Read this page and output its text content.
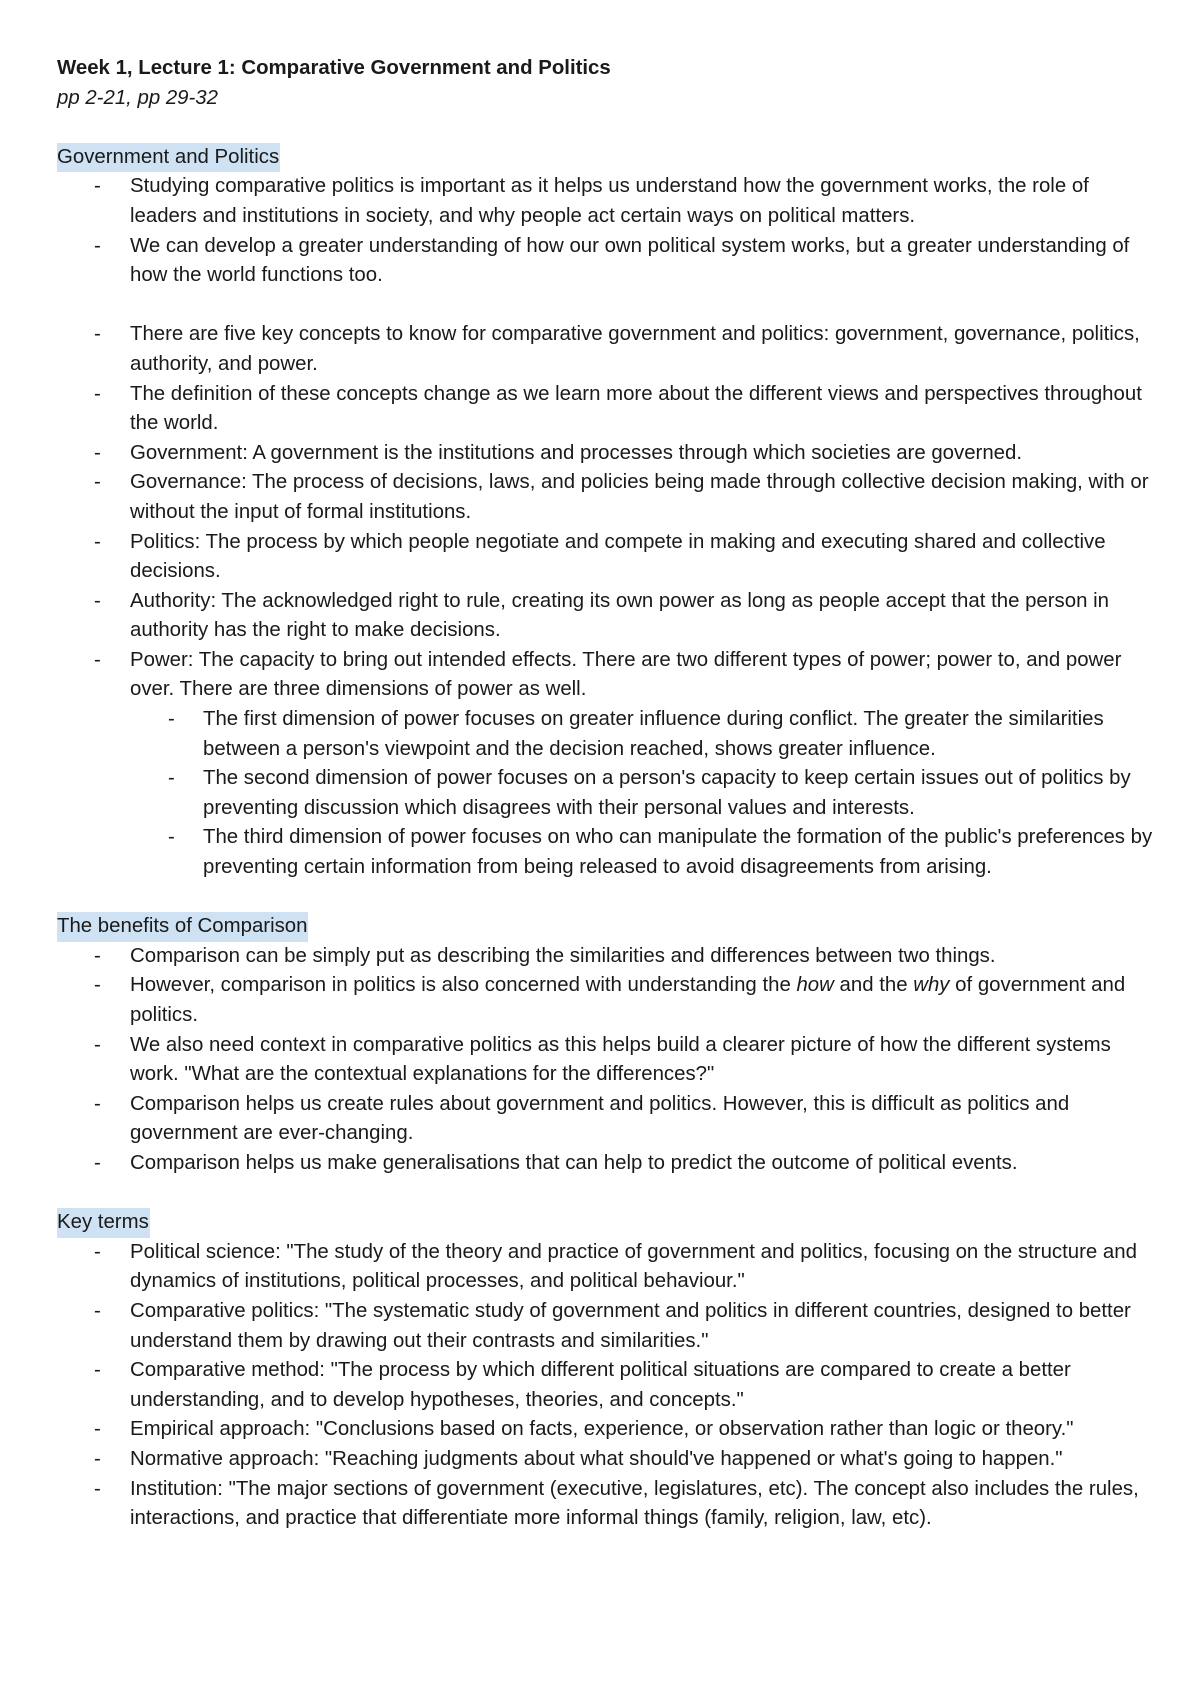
Week 1, Lecture 1: Comparative Government and Politics

pp 2-21, pp 29-32

Government and Politics
- Studying comparative politics is important as it helps us understand how the government works, the role of leaders and institutions in society, and why people act certain ways on political matters.
- We can develop a greater understanding of how our own political system works, but a greater understanding of how the world functions too.
- There are five key concepts to know for comparative government and politics: government, governance, politics, authority, and power.
- The definition of these concepts change as we learn more about the different views and perspectives throughout the world.
- Government: A government is the institutions and processes through which societies are governed.
- Governance: The process of decisions, laws, and policies being made through collective decision making, with or without the input of formal institutions.
- Politics: The process by which people negotiate and compete in making and executing shared and collective decisions.
- Authority: The acknowledged right to rule, creating its own power as long as people accept that the person in authority has the right to make decisions.
- Power: The capacity to bring out intended effects. There are two different types of power; power to, and power over. There are three dimensions of power as well.
- The first dimension of power focuses on greater influence during conflict. The greater the similarities between a person's viewpoint and the decision reached, shows greater influence.
- The second dimension of power focuses on a person's capacity to keep certain issues out of politics by preventing discussion which disagrees with their personal values and interests.
- The third dimension of power focuses on who can manipulate the formation of the public's preferences by preventing certain information from being released to avoid disagreements from arising.
The benefits of Comparison
- Comparison can be simply put as describing the similarities and differences between two things.
- However, comparison in politics is also concerned with understanding the how and the why of government and politics.
- We also need context in comparative politics as this helps build a clearer picture of how the different systems work. "What are the contextual explanations for the differences?"
- Comparison helps us create rules about government and politics. However, this is difficult as politics and government are ever-changing.
- Comparison helps us make generalisations that can help to predict the outcome of political events.
Key terms
- Political science: "The study of the theory and practice of government and politics, focusing on the structure and dynamics of institutions, political processes, and political behaviour."
- Comparative politics: "The systematic study of government and politics in different countries, designed to better understand them by drawing out their contrasts and similarities."
- Comparative method: "The process by which different political situations are compared to create a better understanding, and to develop hypotheses, theories, and concepts."
- Empirical approach: "Conclusions based on facts, experience, or observation rather than logic or theory."
- Normative approach: "Reaching judgments about what should've happened or what's going to happen."
- Institution: "The major sections of government (executive, legislatures, etc). The concept also includes the rules, interactions, and practice that differentiate more informal things (family, religion, law, etc).
